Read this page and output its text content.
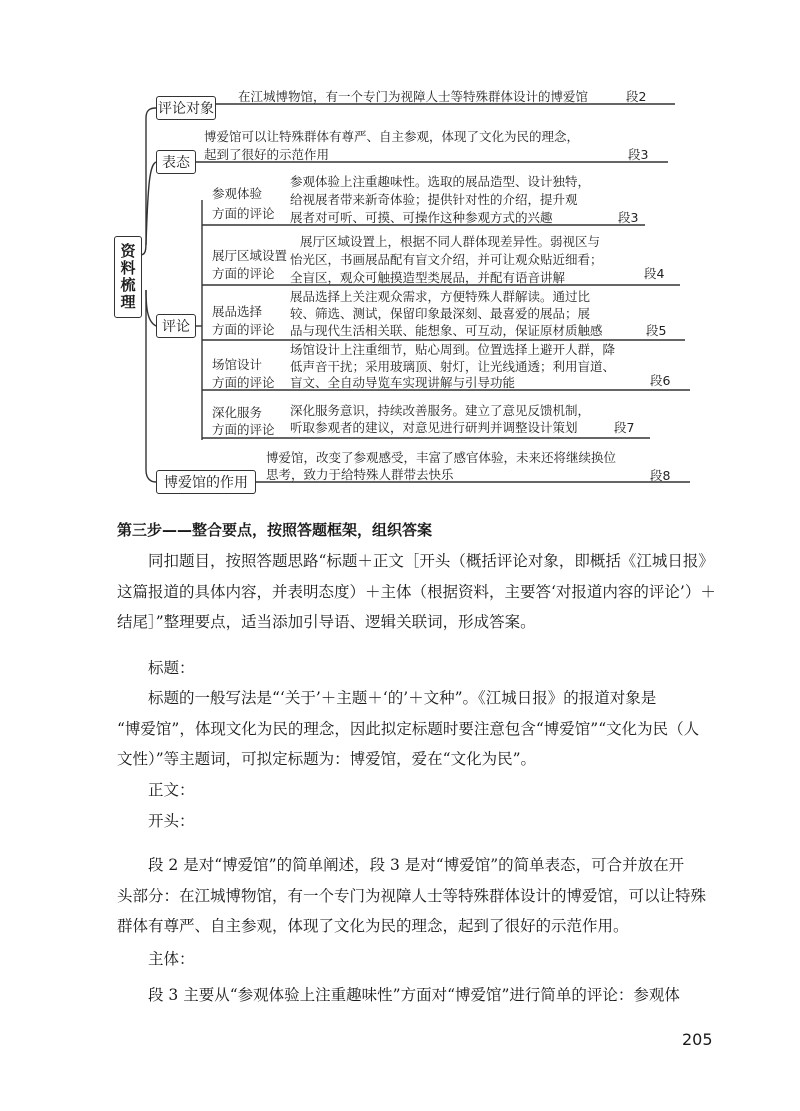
资料梳理
评论对象
在江城博物馆，有一个专门为视障人士等特殊群体设计的博爱馆	段2
表态
博爱馆可以让特殊群体有尊严、自主参观，体现了文化为民的理念，
起到了很好的示范作用	段3
评论
参观体验
方面的评论
参观体验上注重趣味性。选取的展品造型、设计独特，
给视展者带来新奇体验；提供针对性的介绍，提升观
展者对可听、可摸、可操作这种参观方式的兴趣	段3
展厅区域设置
方面的评论
展厅区域设置上，根据不同人群体现差异性。弱视区与
怡光区，书画展品配有盲文介绍，并可让观众贴近细看；
全盲区，观众可触摸造型类展品，并配有语音讲解	段4
展品选择
方面的评论
展品选择上关注观众需求，方便特殊人群解读。通过比
较、筛选、测试，保留印象最深刻、最喜爱的展品；展
品与现代生活相关联、能想象、可互动，保证原材质触感	段5
场馆设计
方面的评论
场馆设计上注重细节，贴心周到。位置选择上避开人群，降
低声音干扰；采用玻璃顶、射灯，让光线通透；利用盲道、
盲文、全自动导览车实现讲解与引导功能	段6
深化服务
方面的评论
深化服务意识，持续改善服务。建立了意见反馈机制，
听取参观者的建议，对意见进行研判并调整设计策划	段7
博爱馆的作用
博爱馆，改变了参观感受，丰富了感官体验，未来还将继续换位
思考，致力于给特殊人群带去快乐	段8
第三步——整合要点，按照答题框架，组织答案
同扣题目，按照答题思路“标题＋正文［开头（概括评论对象，即概括《江城日报》
这篇报道的具体内容，并表明态度）＋主体（根据资料，主要答‘对报道内容的评论’）＋
结尾］”整理要点，适当添加引导语、逻辑关联词，形成答案。
标题：
标题的一般写法是“‘关于’＋主题＋‘的’＋文种”。《江城日报》的报道对象是
“博爱馆”，体现文化为民的理念，因此拟定标题时要注意包含“博爱馆”“文化为民（人
文性）”等主题词，可拟定标题为：博爱馆，爱在“文化为民”。
正文：
开头：
段 2 是对“博爱馆”的简单阐述，段 3 是对“博爱馆”的简单表态，可合并放在开
头部分：在江城博物馆，有一个专门为视障人士等特殊群体设计的博爱馆，可以让特殊
群体有尊严、自主参观，体现了文化为民的理念，起到了很好的示范作用。
主体：
段 3 主要从“参观体验上注重趣味性”方面对“博爱馆”进行简单的评论：参观体
205
